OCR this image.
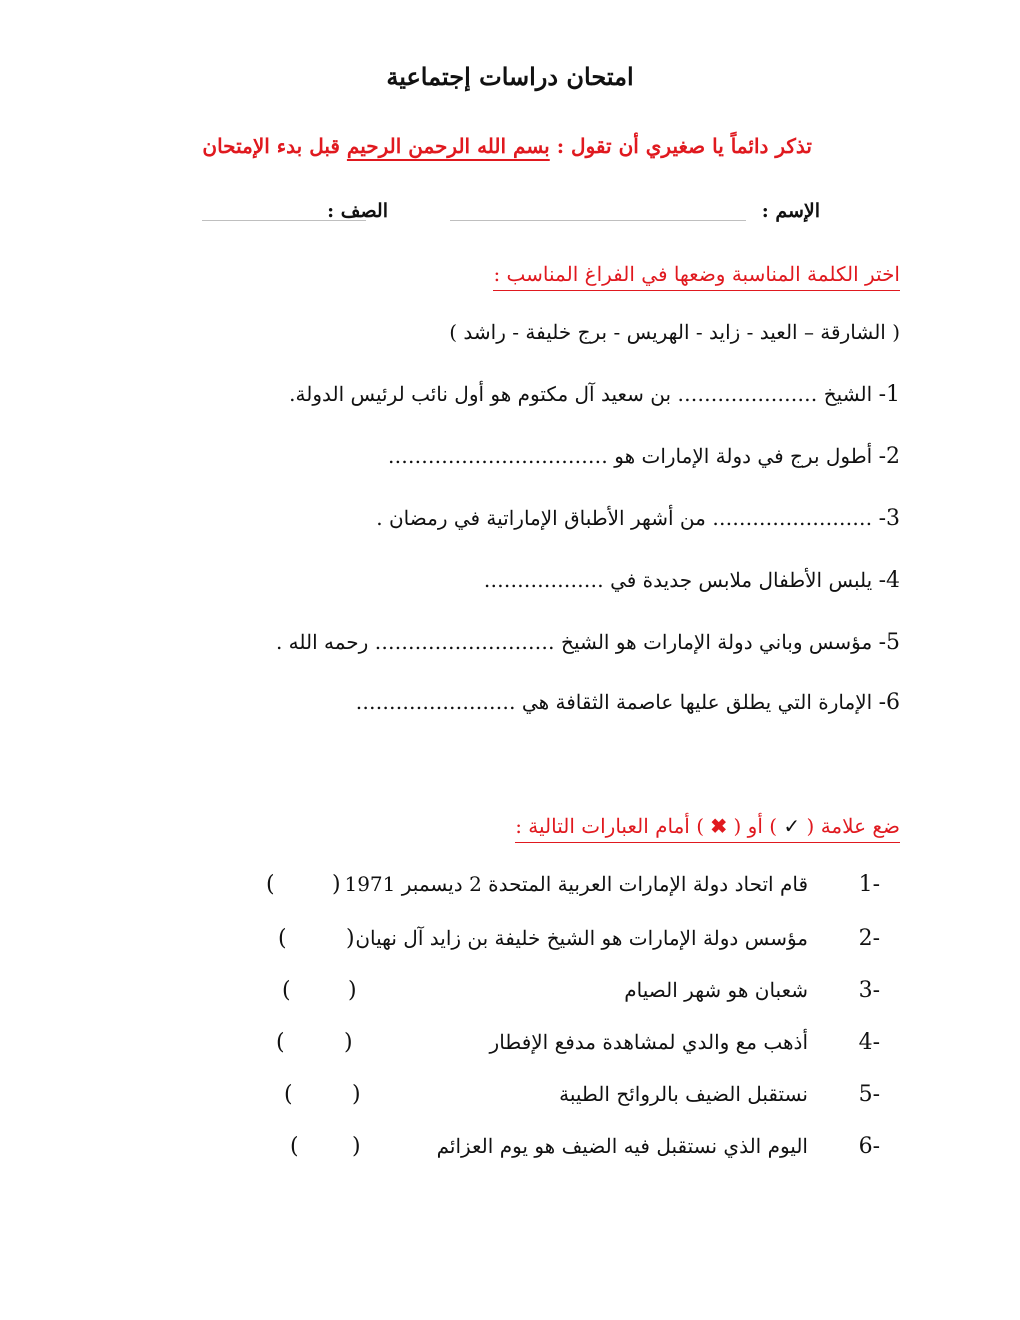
امتحان دراسات إجتماعية
تذكر دائماً يا صغيري أن تقول : بسم الله الرحمن الرحيم قبل بدء الإمتحان
الإسم :
الصف :
اختر الكلمة المناسبة وضعها في الفراغ المناسب :
( الشارقة – العيد - زايد - الهريس - برج خليفة - راشد )
1- الشيخ ………………… بن سعيد آل مكتوم هو أول نائب لرئيس الدولة.
2- أطول برج في دولة الإمارات هو ……………………………
3- …………………… من أشهر الأطباق الإماراتية في رمضان .
4- يلبس الأطفال ملابس جديدة في ………………
5- مؤسس وباني دولة الإمارات هو الشيخ ……………………… رحمه الله .
6- الإمارة التي يطلق عليها عاصمة الثقافة هي ……………………
ضع علامة ( ✓ ) أو ( ✖ ) أمام العبارات التالية :
-1
قام اتحاد دولة الإمارات العربية المتحدة 2 ديسمبر 1971
(
)
-2
مؤسس دولة الإمارات هو الشيخ خليفة بن زايد آل نهيان
(
)
-3
شعبان هو شهر الصيام
(
)
-4
أذهب مع والدي لمشاهدة مدفع الإفطار
(
)
-5
نستقبل الضيف بالروائح الطيبة
(
)
-6
اليوم الذي نستقبل فيه الضيف هو يوم العزائم
(
)
